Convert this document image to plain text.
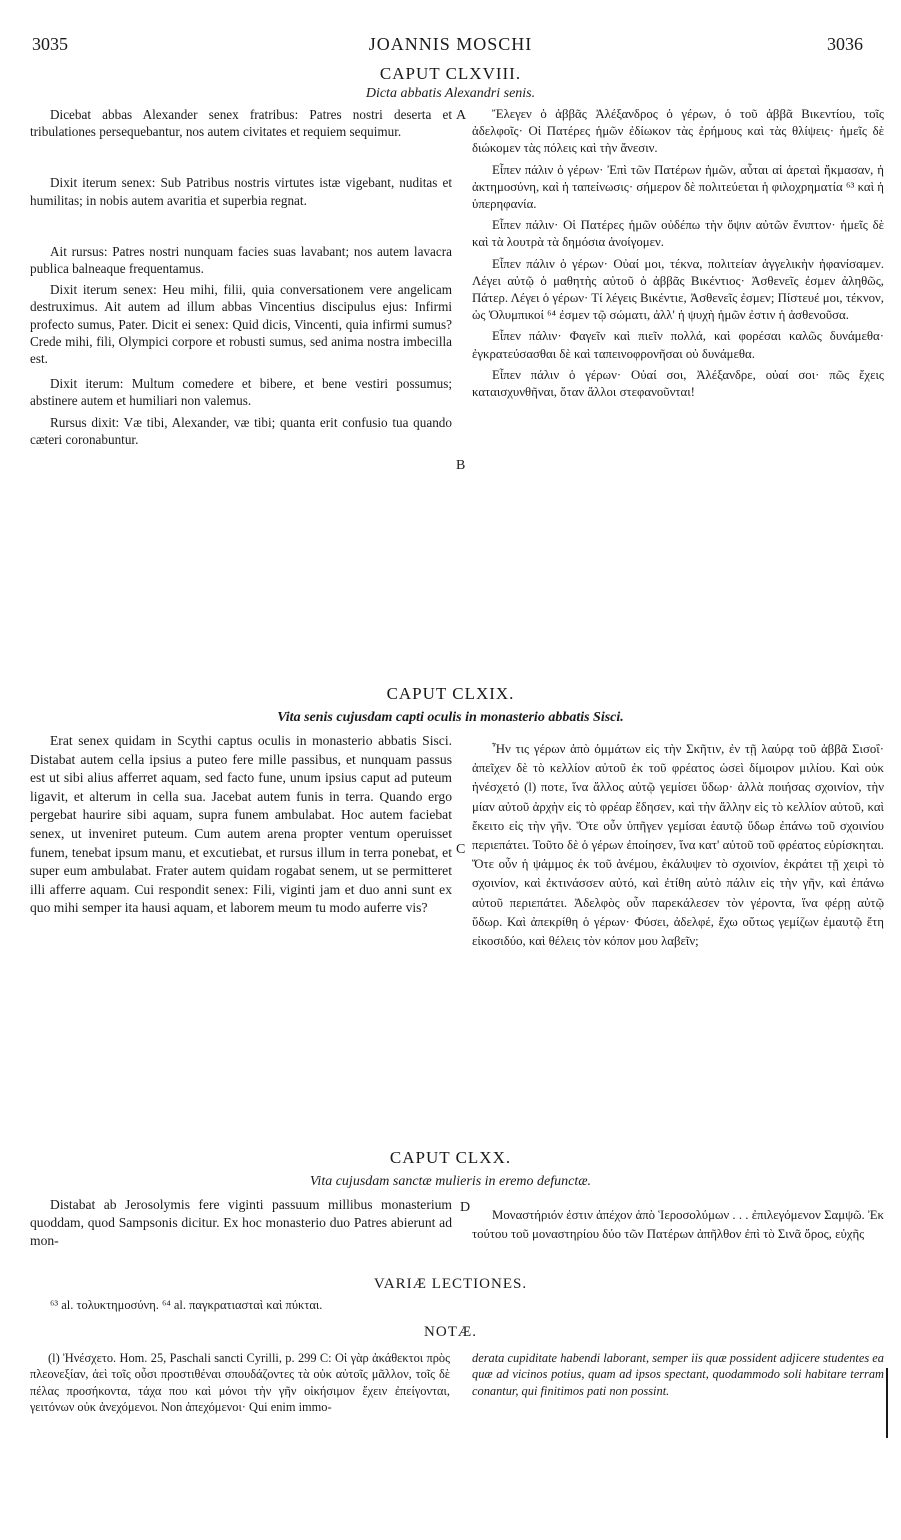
3035	JOANNIS MOSCHI	3036
CAPUT CLXVIII.
Dicta abbatis Alexandri senis.

Dicebat abbas Alexander senex fratribus: Patres nostri deserta et tribulationes persequebantur, nos autem civitates et requiem sequimur.

Dixit iterum senex: Sub Patribus nostris virtutes istæ vigebant, nuditas et humilitas; in nobis autem avaritia et superbia regnat.

Ait rursus: Patres nostri nunquam facies suas lavabant; nos autem lavacra publica balneaque frequentamus.

Dixit iterum senex: Heu mihi, filii, quia conversationem vere angelicam destruximus. Ait autem ad illum abbas Vincentius discipulus ejus: Infirmi profecto sumus, Pater. Dicit ei senex: Quid dicis, Vincenti, quia infirmi sumus? Crede mihi, fili, Olympici corpore et robusti sumus, sed anima nostra imbecilla est.

Dixit iterum: Multum comedere et bibere, et bene vestiri possumus; abstinere autem et humiliari non valemus.

Rursus dixit: Væ tibi, Alexander, væ tibi; quanta erit confusio tua quando cæteri coronabuntur.

Ἔλεγεν ὁ ἀββᾶς Ἀλέξανδρος ὁ γέρων, ὁ τοῦ ἀββᾶ Βικεντίου, τοῖς ἀδελφοῖς· Οἱ Πατέρες ἡμῶν ἐδίωκον τὰς ἐρήμους καὶ τὰς θλίψεις· ἡμεῖς δὲ διώκομεν τὰς πόλεις καὶ τὴν ἄνεσιν.

Εἶπεν πάλιν ὁ γέρων· Ἐπὶ τῶν Πατέρων ἡμῶν, αὗται αἱ ἀρεταὶ ἤκμασαν, ἡ ἀκτημοσύνη, καὶ ἡ ταπείνωσις· σήμερον δὲ πολιτεύεται ἡ φιλοχρηματία ⁶³ καὶ ἡ ὑπερηφανία.

Εἶπεν πάλιν· Οἱ Πατέρες ἡμῶν οὐδέπω τὴν ὄψιν αὐτῶν ἔνιπτον· ἡμεῖς δὲ καὶ τὰ λουτρὰ τὰ δημόσια ἀνοίγομεν.

Εἶπεν πάλιν ὁ γέρων· Οὐαί μοι, τέκνα, πολιτείαν ἀγγελικὴν ἠφανίσαμεν. Λέγει αὐτῷ ὁ μαθητὴς αὐτοῦ ὁ ἀββᾶς Βικέντιος· Ἀσθενεῖς ἐσμεν ἀληθῶς, Πάτερ. Λέγει ὁ γέρων· Τί λέγεις Βικέντιε, Ἀσθενεῖς ἐσμεν; Πίστευέ μοι, τέκνον, ὡς Ὀλυμπικοί ⁶⁴ ἐσμεν τῷ σώματι, ἀλλ' ἡ ψυχὴ ἡμῶν ἐστιν ἡ ἀσθενοῦσα.

Εἶπεν πάλιν· Φαγεῖν καὶ πιεῖν πολλά, καὶ φορέσαι καλῶς δυνάμεθα· ἐγκρατεύσασθαι δὲ καὶ ταπεινοφρονῆσαι οὐ δυνάμεθα.

Εἶπεν πάλιν ὁ γέρων· Οὐαί σοι, Ἀλέξανδρε, οὐαί σοι· πῶς ἔχεις καταισχυνθῆναι, ὅταν ἄλλοι στεφανοῦνται!

A
B
CAPUT CLXIX.
Vita senis cujusdam capti oculis in monasterio abbatis Sisci.

Erat senex quidam in Scythi captus oculis in monasterio abbatis Sisci. Distabat autem cella ipsius a puteo fere mille passibus, et nunquam passus est ut sibi alius afferret aquam, sed facto fune, unum ipsius caput ad puteum ligavit, et alterum in cella sua. Jacebat autem funis in terra. Quando ergo pergebat haurire sibi aquam, supra funem ambulabat. Hoc autem faciebat senex, ut inveniret puteum. Cum autem arena propter ventum operuisset funem, tenebat ipsum manu, et excutiebat, et rursus illum in terra ponebat, et super eum ambulabat. Frater autem quidam rogabat senem, ut se permitteret illi afferre aquam. Cui respondit senex: Fili, viginti jam et duo anni sunt ex quo mihi semper ita hausi aquam, et laborem meum tu modo auferre vis?

Ἦν τις γέρων ἀπὸ ὀμμάτων εἰς τὴν Σκῆτιν, ἐν τῇ λαύρᾳ τοῦ ἀββᾶ Σισοΐ· ἀπεῖχεν δὲ τὸ κελλίον αὐτοῦ ἐκ τοῦ φρέατος ὡσεὶ δίμοιρον μιλίου. Καὶ οὐκ ἠνέσχετό (l) ποτε, ἵνα ἄλλος αὐτῷ γεμίσει ὕδωρ· ἀλλὰ ποιήσας σχοινίον, τὴν μίαν αὐτοῦ ἀρχὴν εἰς τὸ φρέαρ ἔδησεν, καὶ τὴν ἄλλην εἰς τὸ κελλίον αὐτοῦ, καὶ ἔκειτο εἰς τὴν γῆν. Ὅτε οὖν ὑπῆγεν γεμίσαι ἑαυτῷ ὕδωρ ἐπάνω τοῦ σχοινίου περιεπάτει. Τοῦτο δὲ ὁ γέρων ἐποίησεν, ἵνα κατ' αὐτοῦ τοῦ φρέατος εὑρίσκηται. Ὅτε οὖν ἡ ψάμμος ἐκ τοῦ ἀνέμου, ἐκάλυψεν τὸ σχοινίον, ἐκράτει τῇ χειρὶ τὸ σχοινίον, καὶ ἐκτινάσσεν αὐτό, καὶ ἐτίθη αὐτὸ πάλιν εἰς τὴν γῆν, καὶ ἐπάνω αὐτοῦ περιεπάτει. Ἀδελφὸς οὖν παρεκάλεσεν τὸν γέροντα, ἵνα φέρῃ αὐτῷ ὕδωρ. Καὶ ἀπεκρίθη ὁ γέρων· Φύσει, ἀδελφέ, ἔχω οὕτως γεμίζων ἐμαυτῷ ἔτη εἰκοσιδύο, καὶ θέλεις τὸν κόπον μου λαβεῖν;

C
CAPUT CLXX.
Vita cujusdam sanctæ mulieris in eremo defunctæ.

Distabat ab Jerosolymis fere viginti passuum millibus monasterium quoddam, quod Sampsonis dicitur. Ex hoc monasterio duo Patres abierunt ad mon-

Μοναστήριόν ἐστιν ἀπέχον ἀπὸ Ἱεροσολύμων . . . ἐπιλεγόμενον Σαμψῶ. Ἐκ τούτου τοῦ μοναστηρίου δύο τῶν Πατέρων ἀπῆλθον ἐπὶ τὸ Σινᾶ ὄρος, εὐχῆς

D
VARIÆ LECTIONES.
⁶³ al. τολυκτημοσύνη. ⁶⁴ al. παγκρατιασταὶ καὶ πύκται.
NOTÆ.

(l) Ἠνέσχετο. Hom. 25, Paschali sancti Cyrilli, p. 299 C: Οἱ γὰρ ἀκάθεκτοι πρὸς πλεονεξίαν, ἀεὶ τοῖς οὖσι προστιθέναι σπουδάζοντες τὰ οὐκ αὐτοῖς μᾶλλον, τοῖς δὲ πέλας προσήκοντα, τάχα που καὶ μόνοι τὴν γῆν οἰκήσιμον ἔχειν ἐπείγονται, γειτόνων οὐκ ἀνεχόμενοι. Non ἀπεχόμενοι· Qui enim immo-

derata cupiditate habendi laborant, semper iis quæ possident adjicere studentes ea quæ ad vicinos potius, quam ad ipsos spectant, quodammodo soli habitare terram conantur, qui finitimos pati non possint.
